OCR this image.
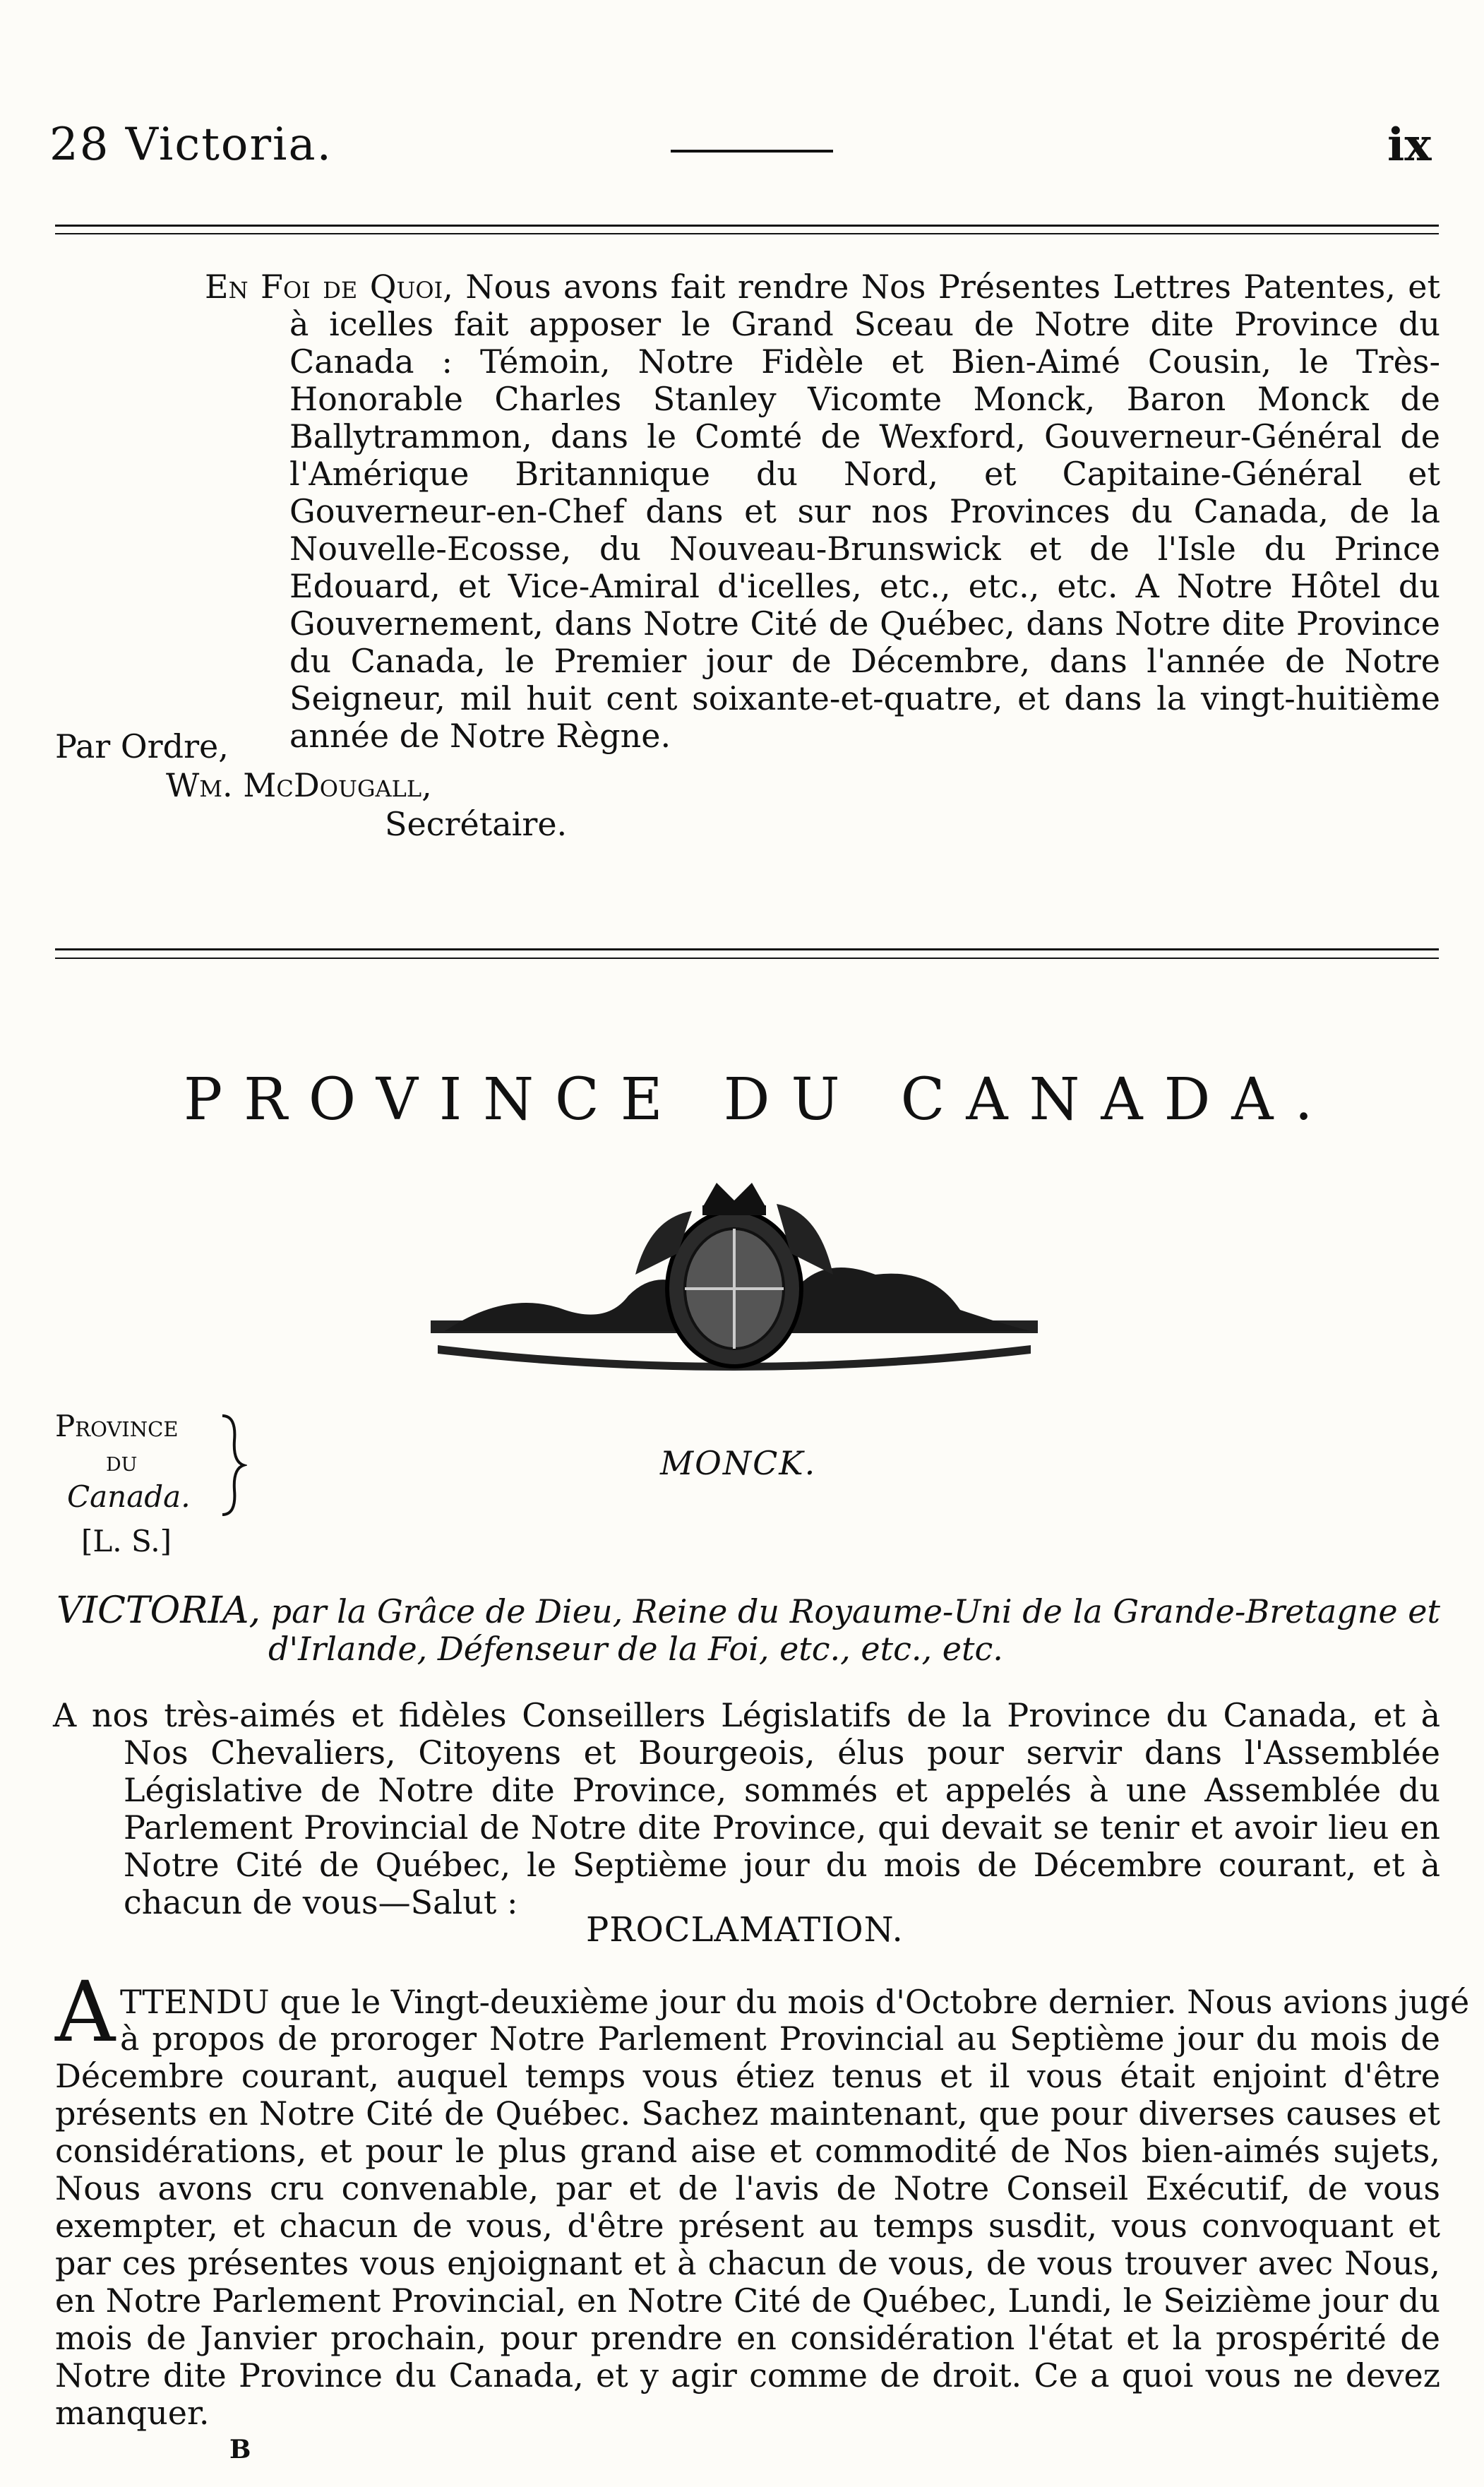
28 Victoria.	ix
En Foi de Quoi, Nous avons fait rendre Nos Présentes Lettres Patentes, et à icelles fait apposer le Grand Sceau de Notre dite Province du Canada : Témoin, Notre Fidèle et Bien-Aimé Cousin, le Très-Honorable Charles Stanley Vicomte Monck, Baron Monck de Ballytrammon, dans le Comté de Wexford, Gouverneur-Général de l'Amérique Britannique du Nord, et Capitaine-Général et Gouverneur-en-Chef dans et sur nos Provinces du Canada, de la Nouvelle-Ecosse, du Nouveau-Brunswick et de l'Isle du Prince Edouard, et Vice-Amiral d'icelles, etc., etc., etc. A Notre Hôtel du Gouvernement, dans Notre Cité de Québec, dans Notre dite Province du Canada, le Premier jour de Décembre, dans l'année de Notre Seigneur, mil huit cent soixante-et-quatre, et dans la vingt-huitième année de Notre Règne.
Par Ordre,
Wm. McDougall,
Secrétaire.
PROVINCE DU CANADA.
Province
du
Canada.
[L. S.]
MONCK.
VICTORIA, par la Grâce de Dieu, Reine du Royaume-Uni de la Grande-Bretagne et d'Irlande, Défenseur de la Foi, etc., etc., etc.
A nos très-aimés et fidèles Conseillers Législatifs de la Province du Canada, et à Nos Chevaliers, Citoyens et Bourgeois, élus pour servir dans l'Assemblée Législative de Notre dite Province, sommés et appelés à une Assemblée du Parlement Provincial de Notre dite Province, qui devait se tenir et avoir lieu en Notre Cité de Québec, le Septième jour du mois de Décembre courant, et à chacun de vous—Salut :
PROCLAMATION.
A TTENDU que le Vingt-deuxième jour du mois d'Octobre dernier. Nous avions jugé
à propos de proroger Notre Parlement Provincial au Septième jour du mois de Décembre courant, auquel temps vous étiez tenus et il vous était enjoint d'être présents en Notre Cité de Québec. Sachez maintenant, que pour diverses causes et considérations, et pour le plus grand aise et commodité de Nos bien-aimés sujets, Nous avons cru convenable, par et de l'avis de Notre Conseil Exécutif, de vous exempter, et chacun de vous, d'être présent au temps susdit, vous convoquant et par ces présentes vous enjoignant et à chacun de vous, de vous trouver avec Nous, en Notre Parlement Provincial, en Notre Cité de Québec, Lundi, le Seizième jour du mois de Janvier prochain, pour prendre en considération l'état et la prospérité de Notre dite Province du Canada, et y agir comme de droit. Ce a quoi vous ne devez manquer.
B
